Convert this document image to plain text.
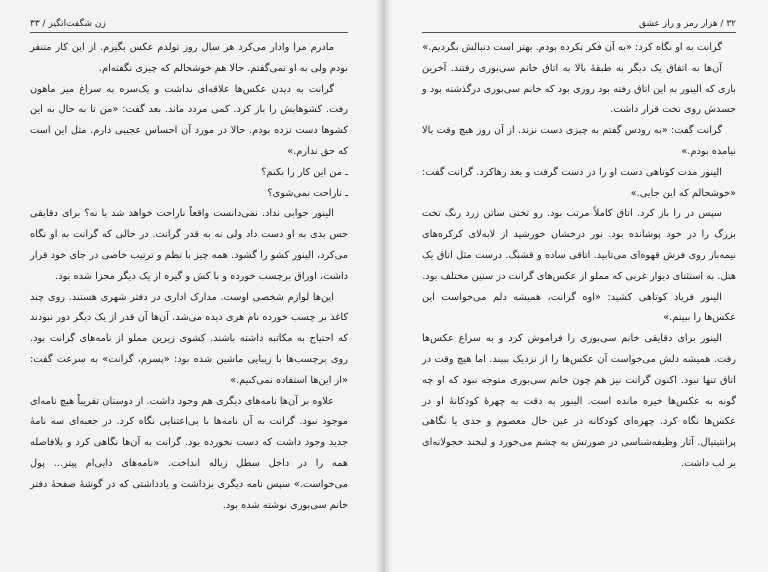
زن شگفت‌انگیز / ۳۳

مادرم مرا وادار می‌کرد هر سال روز تولدم عکس بگیرم. از این کار متنفر بودم ولی به او نمی‌گفتم. حالا هم خوشحالم که چیزی نگفته‌ام.

گرانت به دیدن عکس‌ها علاقه‌ای نداشت و یک‌سره به سراغ میز ماهون رفت. کشوهایش را باز کرد. کمی مردد ماند. بعد گفت: «من تا به حال به این کشوها دست نزده بودم. حالا در مورد آن احساس عجیبی دارم. مثل این است که حق ندارم.»

ـ من این کار را بکنم؟

ـ ناراحت نمی‌شوی؟

الینور جوابی نداد. نمی‌دانست واقعاً ناراحت خواهد شد یا نه؟ برای دقایقی حس بدی به او دست داد ولی نه به قدر گرانت. در حالی که گرانت به او نگاه می‌کرد، الینور کشو را گشود. همه چیز با نظم و ترتیب خاصی در جای خود قرار داشت، اوراق برچسب خورده و با کش و گیره از یک دیگر مجزا شده بود.

این‌ها لوازم شخصی اوست. مدارک اداری در دفتر شهری هستند. روی چند کاغذ بر چسب خورده نام هری دیده می‌شد. آن‌ها آن قدر از یک دیگر دور نبودند که احتیاج به مکاتبه داشته باشند. کشوی زیرین مملو از نامه‌های گرانت بود. روی برچسب‌ها با زیبایی ماشین شده بود: «پسرم، گرانت» به سرعت گفت: «از این‌ها استفاده نمی‌کنیم.»

علاوه بر آن‌ها نامه‌های دیگری هم وجود داشت. از دوستان تقریباً هیچ نامه‌ای موجود نبود. گرانت به آن نامه‌ها با بی‌اعتنایی نگاه کرد. در جعبه‌ای سه نامهٔ جدید وجود داشت که دست نخورده بود. گرانت به آن‌ها نگاهی کرد و بلافاصله همه را در داخل سطل زباله انداخت. «نامه‌های دایی‌ام پیتر... پول می‌خواست.» سپس نامه دیگری برداشت و یادداشتی که در گوشهٔ صفحهٔ دفتر خانم سی‌بوری نوشته شده بود.

۳۲ / هزار رمز و راز عشق

گرانت به او نگاه کرد: «به آن فکر نکرده بودم. بهتر است دنبالش بگردیم.»

آن‌ها به اتفاق یک دیگر به طبقهٔ بالا به اتاق خانم سی‌بوری رفتند. آخرین باری که الینور به این اتاق رفته بود روزی بود که خانم سی‌بوری درگذشته بود و جسدش روی تخت قرار داشت.

گرانت گفت: «به رودس گفتم به چیزی دست نزند. از آن روز هیچ وقت بالا نیامده بودم.»

الینور مدت کوتاهی دست او را در دست گرفت و بعد رهاکرد. گرانت گفت: «خوشحالم که این جایی.»

سپس در را باز کرد. اتاق کاملاً مرتب بود. رو تختی ساتن زرد رنگ تخت بزرگ را در خود پوشانده بود. نور درخشان خورشید از لابه‌لای کرکره‌های نیمه‌باز روی فرش قهوه‌ای می‌تابید. اتاقی ساده و قشنگ. درست مثل اتاق یک هتل. به استثنای دیوار غربی که مملو از عکس‌های گرانت در سنین مختلف بود.

الینور فریاد کوتاهی کشید: «اوه گرانت، همیشه دلم می‌خواست این عکس‌ها را ببینم.»

الینور برای دقایقی خانم سی‌بوری را فراموش کرد و به سراغ عکس‌ها رفت. همیشه دلش می‌خواست آن عکس‌ها را از نزدیک ببیند. اما هیچ وقت در اتاق تنها نبود. اکنون گرانت نیز هم چون خانم سی‌بوری متوجه نبود که او چه گونه به عکس‌ها خیره مانده است. الینور به دقت به چهرهٔ کودکانهٔ او در عکس‌ها نگاه کرد. چهره‌ای کودکانه در عین حال معصوم و جدی یا نگاهی پرانتیتیال. آثار وظیفه‌شناسی در صورتش به چشم می‌خورد و لبخند خجولانه‌ای بر لب داشت.
